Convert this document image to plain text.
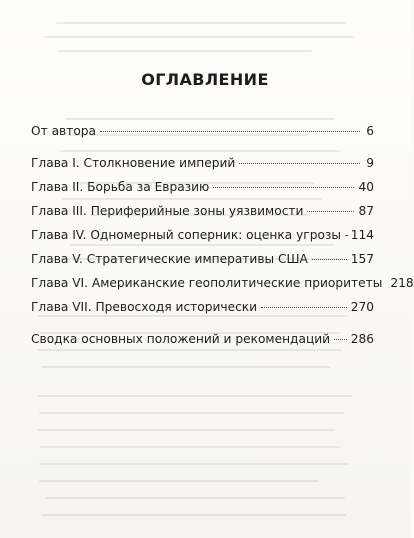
ОГЛАВЛЕНИЕ
От автора	6
Глава I. Столкновение империй	9
Глава II. Борьба за Евразию	40
Глава III. Периферийные зоны уязвимости	87
Глава IV. Одномерный соперник: оценка угрозы 114
Глава V. Стратегические императивы США	157
Глава VI. Американские геополитические приоритеты 218
Глава VII. Превосходя исторически	270
Сводка основных положений и рекомендаций	286
